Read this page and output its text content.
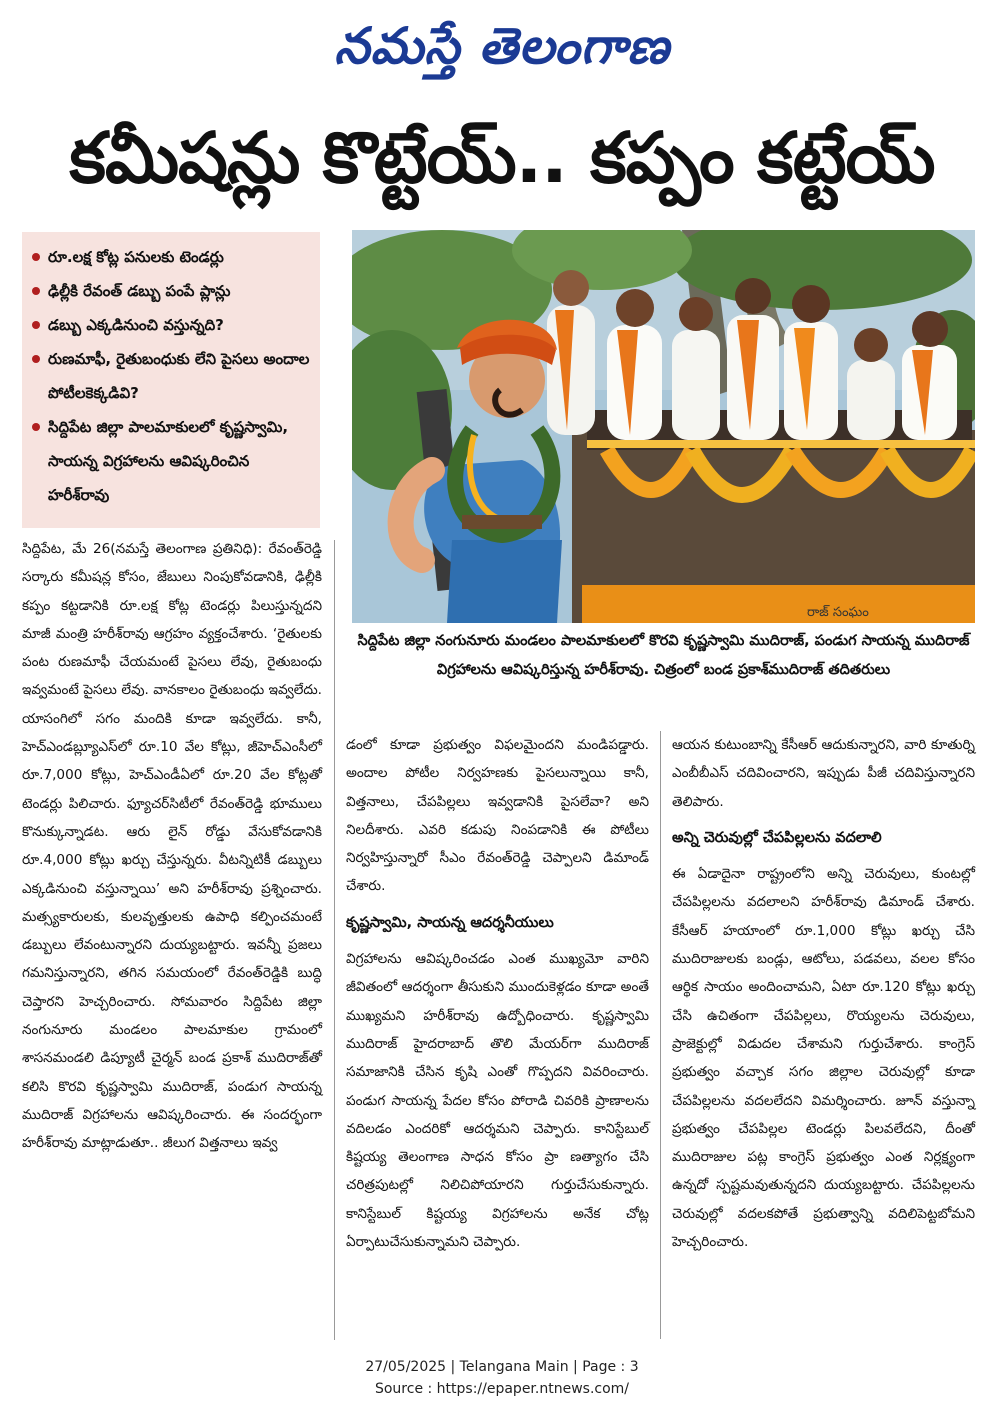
నమస్తే తెలంగాణ
కమీషన్లు కొట్టేయ్.. కప్పం కట్టేయ్
రూ.లక్ష కోట్ల పనులకు టెండర్లు
ఢిల్లీకి రేవంత్ డబ్బు పంపే ప్లాన్లు
డబ్బు ఎక్కడినుంచి వస్తున్నది?
రుణమాఫీ, రైతుబంధుకు లేని పైసలు అందాల పోటీలకెక్కడివి?
సిద్దిపేట జిల్లా పాలమాకులలో కృష్ణస్వామి, సాయన్న విగ్రహాలను ఆవిష్కరించిన హరీశ్‌రావు
రాజ్ సంఘం
సిద్దిపేట జిల్లా నంగునూరు మండలం పాలమాకులలో కొరవి కృష్ణస్వామి ముదిరాజ్, పండుగ సాయన్న ముదిరాజ్ విగ్రహాలను ఆవిష్కరిస్తున్న హరీశ్‌రావు. చిత్రంలో బండ ప్రకాశ్‌ముదిరాజ్ తదితరులు

సిద్దిపేట, మే 26(నమస్తే తెలంగాణ ప్రతినిధి): రేవంత్‌రెడ్డి సర్కారు కమీషన్ల కోసం, జేబులు నింపుకోవడానికి, ఢిల్లీకి కప్పం కట్టడానికి రూ.లక్ష కోట్ల టెండర్లు పిలుస్తున్నదని మాజీ మంత్రి హరీశ్‌రావు ఆగ్రహం వ్యక్తంచేశారు. ‘రైతులకు పంట రుణమాఫీ చేయమంటే పైసలు లేవు, రైతుబంధు ఇవ్వమంటే పైసలు లేవు. వానకాలం రైతుబంధు ఇవ్వలేదు. యాసంగిలో సగం మందికి కూడా ఇవ్వలేదు. కానీ, హెచ్‌ఎండబ్ల్యూఎస్‌లో రూ.10 వేల కోట్లు, జీహెచ్‌ఎంసీలో రూ.7,000 కోట్లు, హెచ్‌ఎండీఏలో రూ.20 వేల కోట్లతో టెండర్లు పిలిచారు. ఫ్యూచర్‌సిటీలో రేవంత్‌రెడ్డి భూములు కొనుక్కున్నాడట. ఆరు లైన్ రోడ్డు వేసుకోవడానికి రూ.4,000 కోట్లు ఖర్చు చేస్తున్నరు. వీటన్నిటికీ డబ్బులు ఎక్కడినుంచి వస్తున్నాయి’ అని హరీశ్‌రావు ప్రశ్నించారు. మత్స్యకారులకు, కులవృత్తులకు ఉపాధి కల్పించమంటే డబ్బులు లేవంటున్నారని దుయ్యబట్టారు. ఇవన్నీ ప్రజలు గమనిస్తున్నారని, తగిన సమయంలో రేవంత్‌రెడ్డికి బుద్ధి చెప్తారని హెచ్చరించారు. సోమవారం సిద్దిపేట జిల్లా నంగునూరు మండలం పాలమాకుల గ్రామంలో శాసనమండలి డిప్యూటీ చైర్మన్ బండ ప్రకాశ్ ముదిరాజ్‌తో కలిసి కొరవి కృష్ణస్వామి ముదిరాజ్, పండుగ సాయన్న ముదిరాజ్ విగ్రహాలను ఆవిష్కరించారు. ఈ సందర్భంగా హరీశ్‌రావు మాట్లాడుతూ.. జీలుగ విత్తనాలు ఇవ్వ

డంలో కూడా ప్రభుత్వం విఫలమైందని మండిపడ్డారు. అందాల పోటీల నిర్వహణకు పైసలున్నాయి కానీ, విత్తనాలు, చేపపిల్లలు ఇవ్వడానికి పైసలేవా? అని నిలదీశారు. ఎవరి కడుపు నింపడానికి ఈ పోటీలు నిర్వహిస్తున్నారో సీఎం రేవంత్‌రెడ్డి చెప్పాలని డిమాండ్ చేశారు.

కృష్ణస్వామి, సాయన్న ఆదర్శనీయులు

విగ్రహాలను ఆవిష్కరించడం ఎంత ముఖ్యమో వారిని జీవితంలో ఆదర్శంగా తీసుకుని ముందుకెళ్లడం కూడా అంతే ముఖ్యమని హరీశ్‌రావు ఉద్బోధించారు. కృష్ణస్వామి ముదిరాజ్ హైదరాబాద్ తొలి మేయర్‌గా ముదిరాజ్ సమాజానికి చేసిన కృషి ఎంతో గొప్పదని వివరించారు. పండుగ సాయన్న పేదల కోసం పోరాడి చివరికి ప్రాణాలను వదిలడం ఎందరికో ఆదర్శమని చెప్పారు. కానిస్టేబుల్ కిష్టయ్య తెలంగాణ సాధన కోసం ప్రా ణత్యాగం చేసి చరిత్రపుటల్లో నిలిచిపోయారని గుర్తుచేసుకున్నారు. కానిస్టేబుల్ కిష్టయ్య విగ్రహాలను అనేక చోట్ల ఏర్పాటుచేసుకున్నామని చెప్పారు.

ఆయన కుటుంబాన్ని కేసీఆర్ ఆదుకున్నారని, వారి కూతుర్ని ఎంబీబీఎస్ చదివించారని, ఇప్పుడు పీజీ చదివిస్తున్నారని తెలిపారు.

అన్ని చెరువుల్లో చేపపిల్లలను వదలాలి

ఈ ఏడాదైనా రాష్ట్రంలోని అన్ని చెరువులు, కుంటల్లో చేపపిల్లలను వదలాలని హరీశ్‌రావు డిమాండ్ చేశారు. కేసీఆర్ హయాంలో రూ.1,000 కోట్లు ఖర్చు చేసి ముదిరాజులకు బండ్లు, ఆటోలు, పడవలు, వలల కోసం ఆర్థిక సాయం అందించామని, ఏటా రూ.120 కోట్లు ఖర్చు చేసి ఉచితంగా చేపపిల్లలు, రొయ్యలను చెరువులు, ప్రాజెక్టుల్లో విడుదల చేశామని గుర్తుచేశారు. కాంగ్రెస్ ప్రభుత్వం వచ్చాక సగం జిల్లాల చెరువుల్లో కూడా చేపపిల్లలను వదలలేదని విమర్శించారు. జూన్ వస్తున్నా ప్రభుత్వం చేపపిల్లల టెండర్లు పిలవలేదని, దీంతో ముదిరాజుల పట్ల కాంగ్రెస్ ప్రభుత్వం ఎంత నిర్లక్ష్యంగా ఉన్నదో స్పష్టమవుతున్నదని దుయ్యబట్టారు. చేపపిల్లలను చెరువుల్లో వదలకపోతే ప్రభుత్వాన్ని వదిలిపెట్టబోమని హెచ్చరించారు.

27/05/2025 | Telangana Main | Page : 3
Source : https://epaper.ntnews.com/
